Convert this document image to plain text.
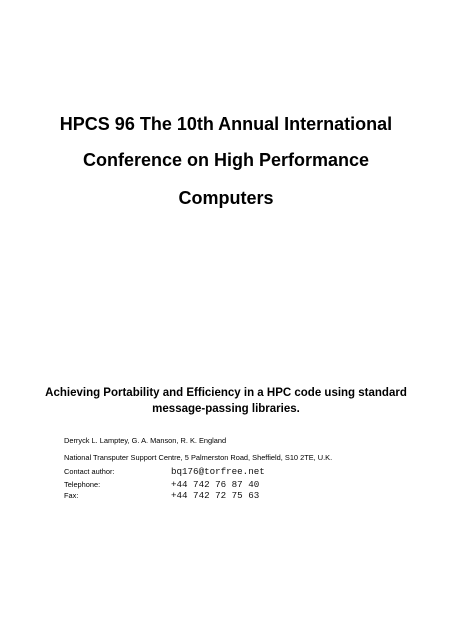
HPCS 96 The 10th Annual International
Conference on High Performance
Computers
Achieving Portability and Efficiency in a HPC code using standard
message-passing libraries.
Derryck L. Lamptey, G. A. Manson, R. K. England
National Transputer Support Centre, 5 Palmerston Road, Sheffield, S10 2TE, U.K.
Contact author:	bq176@torfree.net
Telephone:	+44 742 76 87 40
Fax:	+44 742 72 75 63
